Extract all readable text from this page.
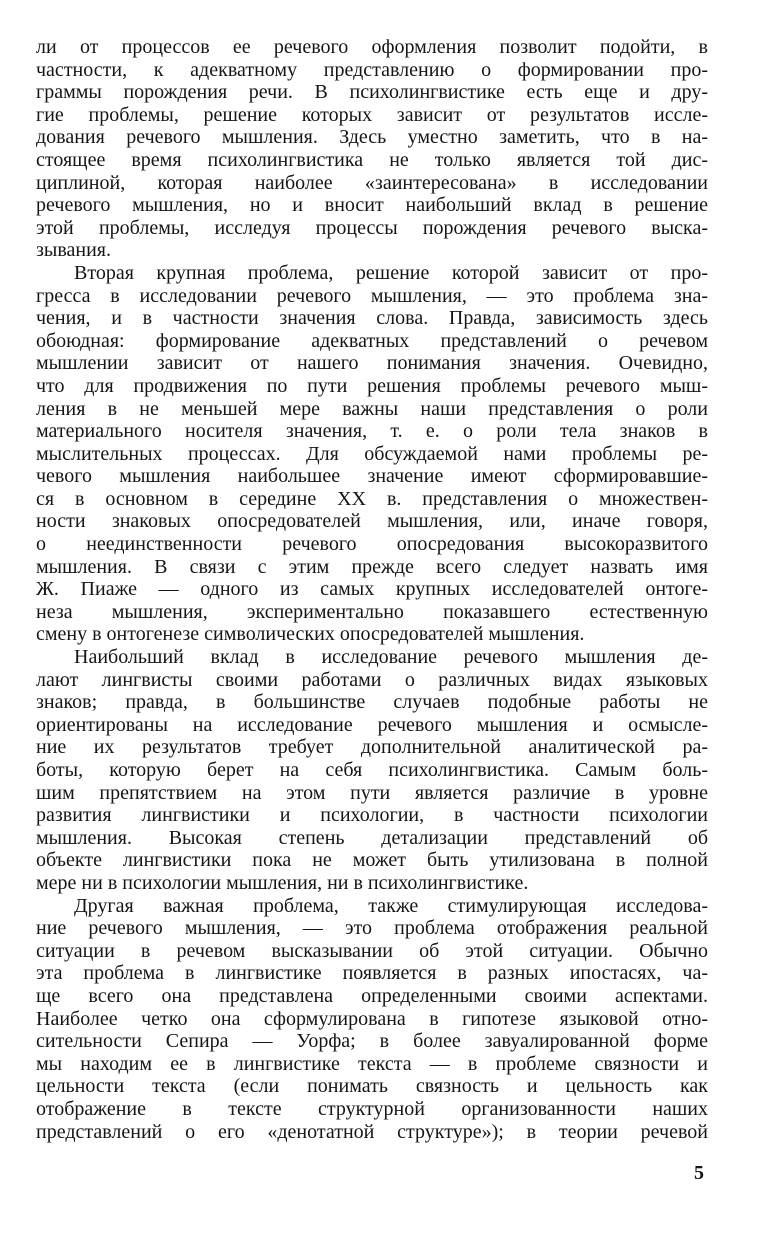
ли от процессов ее речевого оформления позволит подойти, в
частности, к адекватному представлению о формировании про-
граммы порождения речи. В психолингвистике есть еще и дру-
гие проблемы, решение которых зависит от результатов иссле-
дования речевого мышления. Здесь уместно заметить, что в на-
стоящее время психолингвистика не только является той дис-
циплиной, которая наиболее «заинтересована» в исследовании
речевого мышления, но и вносит наибольший вклад в решение
этой проблемы, исследуя процессы порождения речевого выска-
зывания.
Вторая крупная проблема, решение которой зависит от про-
гресса в исследовании речевого мышления, — это проблема зна-
чения, и в частности значения слова. Правда, зависимость здесь
обоюдная: формирование адекватных представлений о речевом
мышлении зависит от нашего понимания значения. Очевидно,
что для продвижения по пути решения проблемы речевого мыш-
ления в не меньшей мере важны наши представления о роли
материального носителя значения, т. е. о роли тела знаков в
мыслительных процессах. Для обсуждаемой нами проблемы ре-
чевого мышления наибольшее значение имеют сформировавшие-
ся в основном в середине XX в. представления о множествен-
ности знаковых опосредователей мышления, или, иначе говоря,
о неединственности речевого опосредования высокоразвитого
мышления. В связи с этим прежде всего следует назвать имя
Ж. Пиаже — одного из самых крупных исследователей онтоге-
неза мышления, экспериментально показавшего естественную
смену в онтогенезе символических опосредователей мышления.
Наибольший вклад в исследование речевого мышления де-
лают лингвисты своими работами о различных видах языковых
знаков; правда, в большинстве случаев подобные работы не
ориентированы на исследование речевого мышления и осмысле-
ние их результатов требует дополнительной аналитической ра-
боты, которую берет на себя психолингвистика. Самым боль-
шим препятствием на этом пути является различие в уровне
развития лингвистики и психологии, в частности психологии
мышления. Высокая степень детализации представлений об
объекте лингвистики пока не может быть утилизована в полной
мере ни в психологии мышления, ни в психолингвистике.
Другая важная проблема, также стимулирующая исследова-
ние речевого мышления, — это проблема отображения реальной
ситуации в речевом высказывании об этой ситуации. Обычно
эта проблема в лингвистике появляется в разных ипостасях, ча-
ще всего она представлена определенными своими аспектами.
Наиболее четко она сформулирована в гипотезе языковой отно-
сительности Сепира — Уорфа; в более завуалированной форме
мы находим ее в лингвистике текста — в проблеме связности и
цельности текста (если понимать связность и цельность как
отображение в тексте структурной организованности наших
представлений о его «денотатной структуре»); в теории речевой
5
